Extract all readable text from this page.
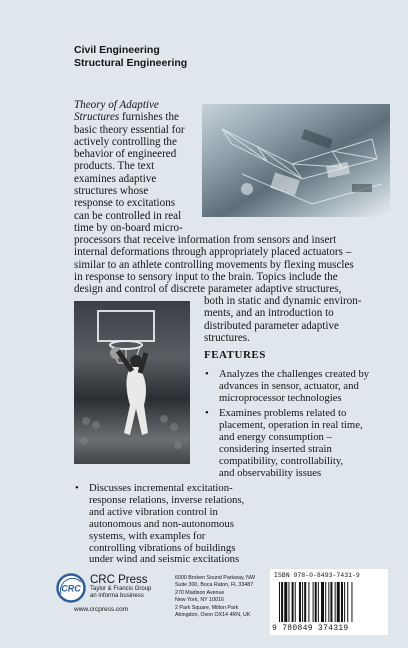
Civil Engineering
Structural Engineering
Theory of Adaptive
Structures furnishes the
basic theory essential for
actively controlling the
behavior of engineered
products. The text
examines adaptive
structures whose
response to excitations
can be controlled in real
time by on-board micro-
processors that receive information from sensors and insert
internal deformations through appropriately placed actuators –
similar to an athlete controlling movements by flexing muscles
in response to sensory input to the brain. Topics include the
design and control of discrete parameter adaptive structures,
both in static and dynamic environ-
ments, and an introduction to
distributed parameter adaptive
structures.
FEATURES
• Analyzes the challenges created by
advances in sensor, actuator, and
microprocessor technologies
• Examines problems related to
placement, operation in real time,
and energy consumption –
considering inserted strain
compatibility, controllability,
and observability issues
• Discusses incremental excitation-
response relations, inverse relations,
and active vibration control in
autonomous and non-autonomous
systems, with examples for
controlling vibrations of buildings
under wind and seismic excitations
CRC
CRC Press
Taylor & Francis Group
an informa business
www.crcpress.com
6000 Broken Sound Parkway, NW
Suite 300, Boca Raton, FL 33487
270 Madison Avenue
New York, NY 10016
2 Park Square, Milton Park
Abingdon, Oxon OX14 4RN, UK
ISBN 978-0-8493-7431-9
9 780849 374319
